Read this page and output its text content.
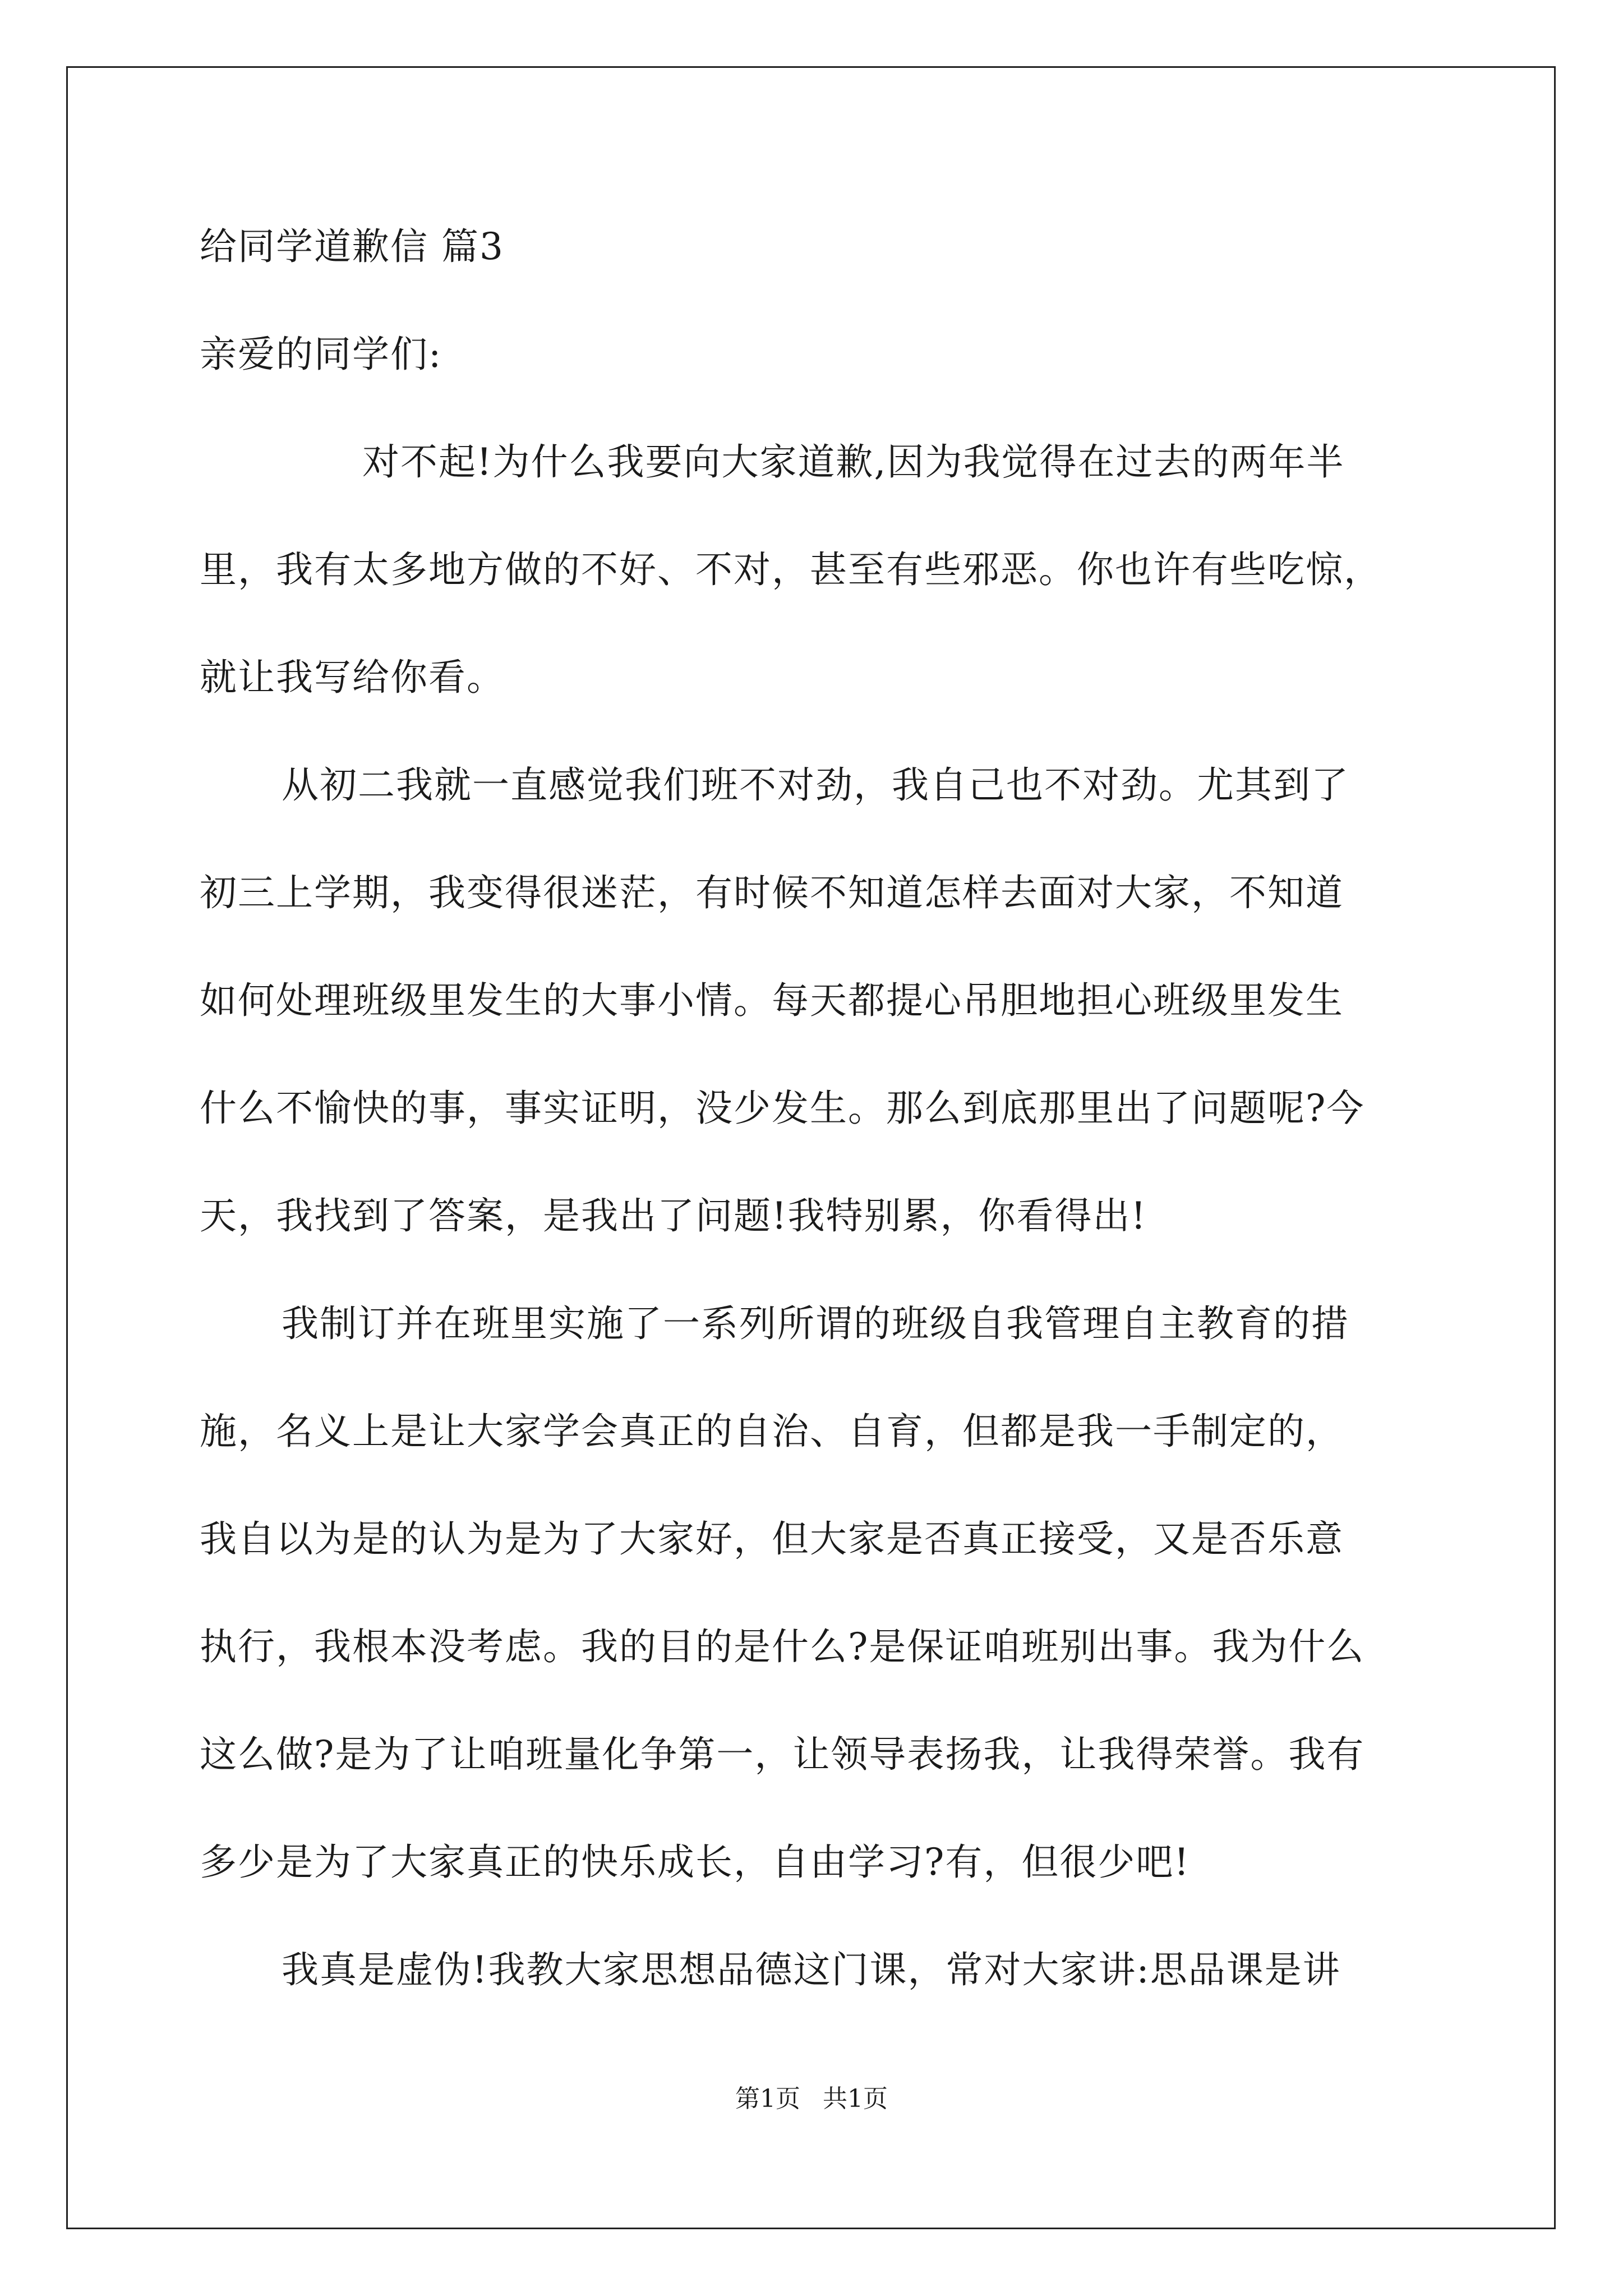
给同学道歉信 篇3
亲爱的同学们:
对不起!为什么我要向大家道歉,因为我觉得在过去的两年半
里，我有太多地方做的不好、不对，甚至有些邪恶。你也许有些吃惊，
就让我写给你看。
从初二我就一直感觉我们班不对劲，我自己也不对劲。尤其到了
初三上学期，我变得很迷茫，有时候不知道怎样去面对大家，不知道
如何处理班级里发生的大事小情。每天都提心吊胆地担心班级里发生
什么不愉快的事，事实证明，没少发生。那么到底那里出了问题呢?今
天，我找到了答案，是我出了问题!我特别累，你看得出!
我制订并在班里实施了一系列所谓的班级自我管理自主教育的措
施，名义上是让大家学会真正的自治、自育，但都是我一手制定的，
我自以为是的认为是为了大家好，但大家是否真正接受，又是否乐意
执行，我根本没考虑。我的目的是什么?是保证咱班别出事。我为什么
这么做?是为了让咱班量化争第一，让领导表扬我，让我得荣誉。我有
多少是为了大家真正的快乐成长，自由学习?有，但很少吧!
我真是虚伪!我教大家思想品德这门课，常对大家讲:思品课是讲
第1页 共1页
